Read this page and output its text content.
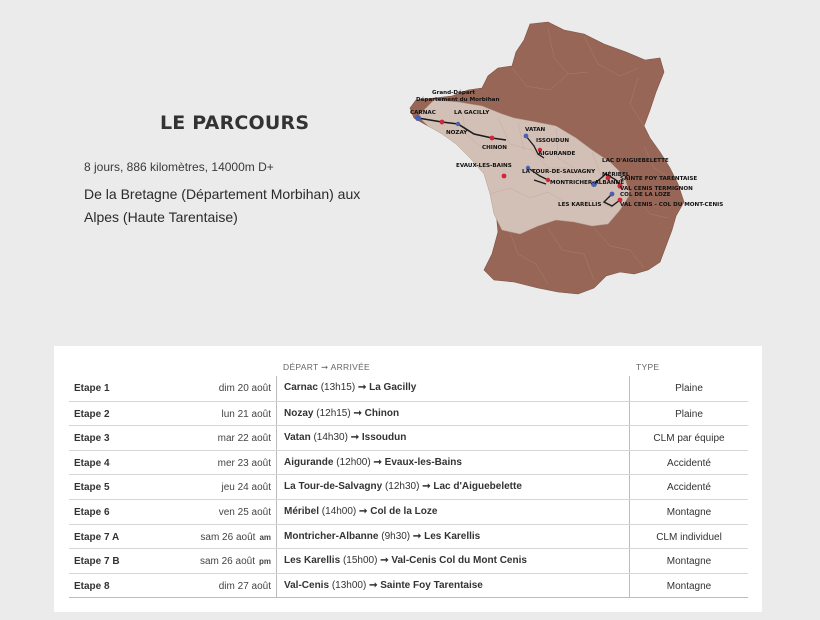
LE PARCOURS

8 jours, 886 kilomètres, 14000m D+

De la Bretagne (Département Morbihan) aux Alpes (Haute Tarentaise)

Grand-Départ
Département du Morbihan
CARNAC	LA GACILLY
NOZAY
CHINON
VATAN
ISSOUDUN
AIGURANDE
EVAUX-LES-BAINS
LA TOUR-DE-SALVAGNY
LAC D'AIGUEBELETTE
MONTRICHER-ALBANNE
LES KARELLIS
MÉRIBEL
COL DE LA LOZE
SAINTE FOY TARENTAISE
VAL CENIS TERMIGNON
VAL CENIS - COL DU MONT-CENIS
DÉPART ➞ ARRIVÉE	TYPE
Etape 1	dim 20 août	Carnac (13h15) ➞ La Gacilly	Plaine
Etape 2	lun 21 août	Nozay (12h15) ➞ Chinon	Plaine
Etape 3	mar 22 août	Vatan (14h30) ➞ Issoudun	CLM par équipe
Etape 4	mer 23 août	Aigurande (12h00) ➞ Evaux-les-Bains	Accidenté
Etape 5	jeu 24 août	La Tour-de-Salvagny (12h30) ➞ Lac d'Aiguebelette	Accidenté
Etape 6	ven 25 août	Méribel (14h00) ➞ Col de la Loze	Montagne
Etape 7 A	sam 26 août am	Montricher-Albanne (9h30) ➞ Les Karellis	CLM individuel
Etape 7 B	sam 26 août pm	Les Karellis (15h00) ➞ Val-Cenis Col du Mont Cenis	Montagne
Etape 8	dim 27 août	Val-Cenis (13h00) ➞ Sainte Foy Tarentaise	Montagne
